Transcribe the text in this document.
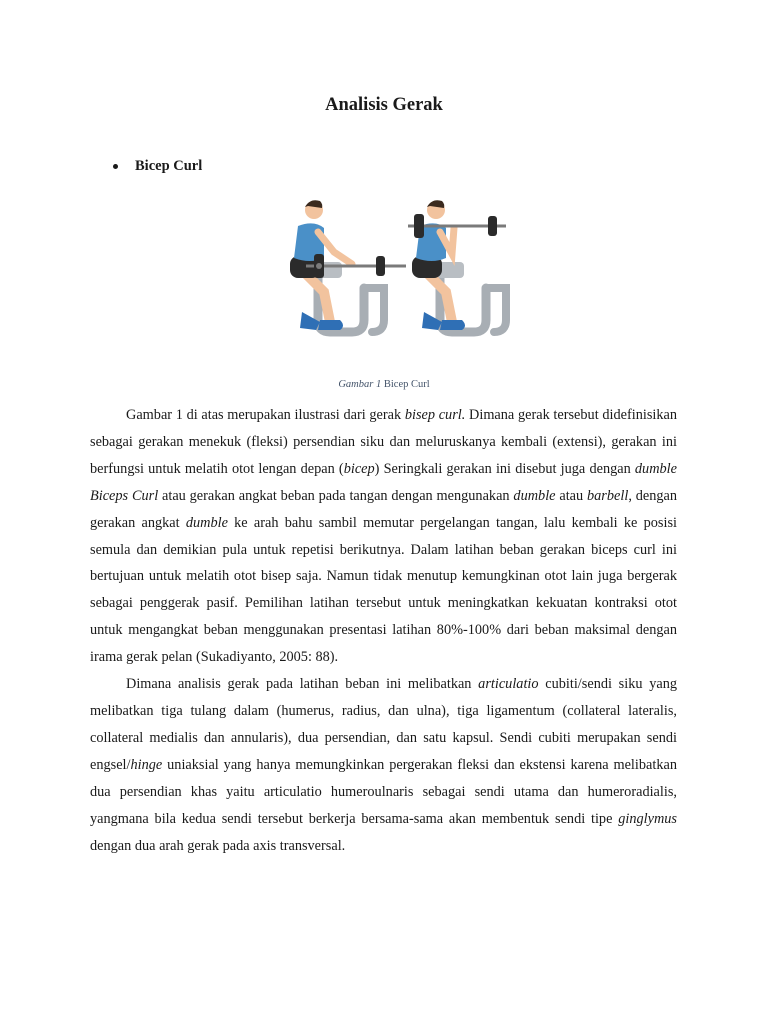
Analisis Gerak
Bicep Curl
Gambar 1 Bicep Curl

Gambar 1 di atas merupakan ilustrasi dari gerak bisep curl. Dimana gerak tersebut didefinisikan sebagai gerakan menekuk (fleksi) persendian siku dan meluruskanya kembali (extensi), gerakan ini berfungsi untuk melatih otot lengan depan (bicep) Seringkali gerakan ini disebut juga dengan dumble Biceps Curl atau gerakan angkat beban pada tangan dengan mengunakan dumble atau barbell, dengan gerakan angkat dumble ke arah bahu sambil memutar pergelangan tangan, lalu kembali ke posisi semula dan demikian pula untuk repetisi berikutnya. Dalam latihan beban gerakan biceps curl ini bertujuan untuk melatih otot bisep saja. Namun tidak menutup kemungkinan otot lain juga bergerak sebagai penggerak pasif. Pemilihan latihan tersebut untuk meningkatkan kekuatan kontraksi otot untuk mengangkat beban menggunakan presentasi latihan 80%-100% dari beban maksimal dengan irama gerak pelan (Sukadiyanto, 2005: 88).

Dimana analisis gerak pada latihan beban ini melibatkan articulatio cubiti/sendi siku yang melibatkan tiga tulang dalam (humerus, radius, dan ulna), tiga ligamentum (collateral lateralis, collateral medialis dan annularis), dua persendian, dan satu kapsul. Sendi cubiti merupakan sendi engsel/hinge uniaksial yang hanya memungkinkan pergerakan fleksi dan ekstensi karena melibatkan dua persendian khas yaitu articulatio humeroulnaris sebagai sendi utama dan humeroradialis, yangmana bila kedua sendi tersebut berkerja bersama-sama akan membentuk sendi tipe ginglymus dengan dua arah gerak pada axis transversal.
